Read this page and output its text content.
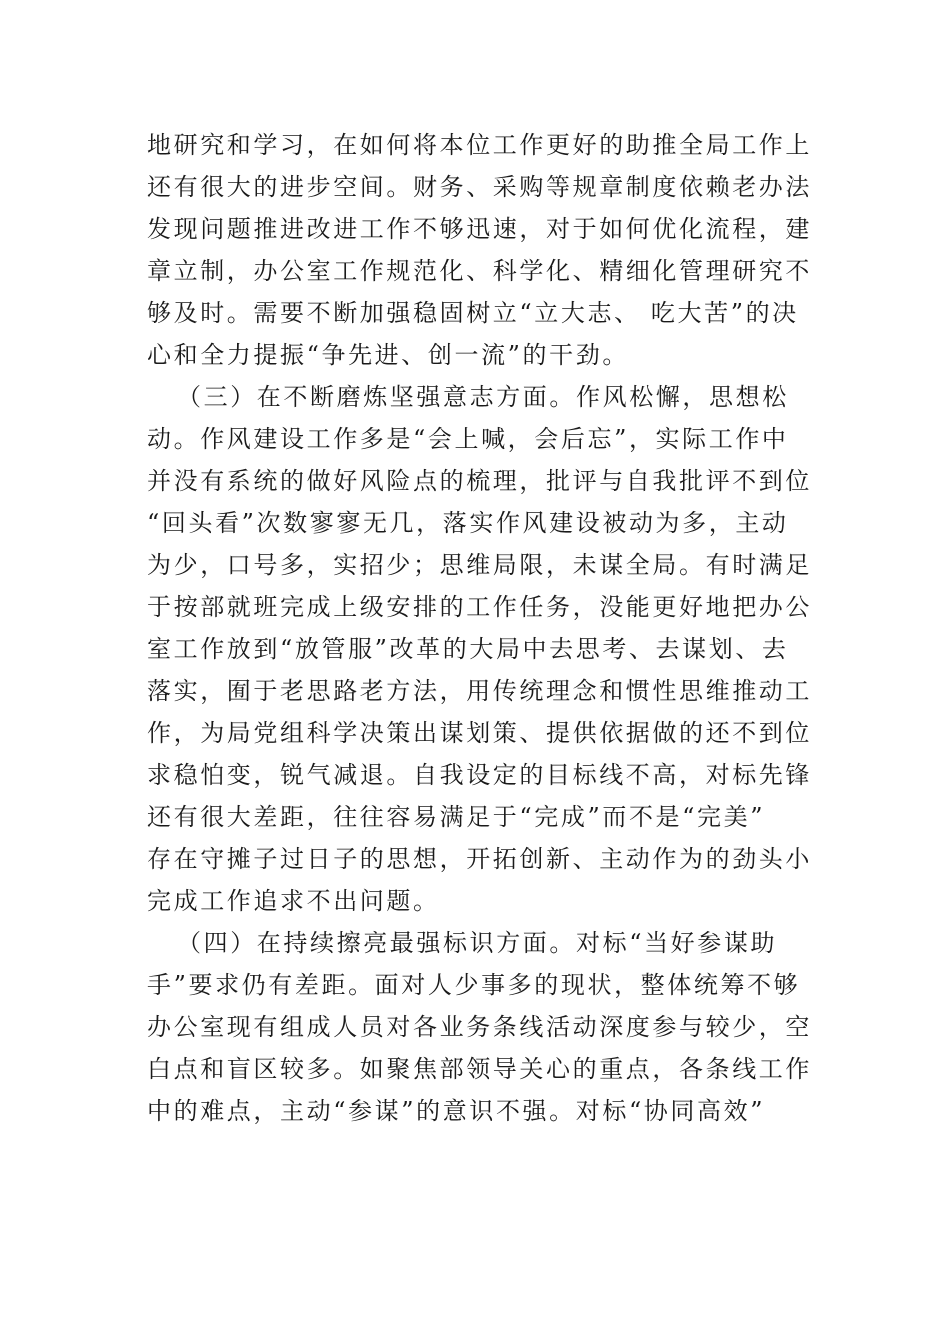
地研究和学习，在如何将本位工作更好的助推全局工作上
还有很大的进步空间。财务、采购等规章制度依赖老办法
发现问题推进改进工作不够迅速，对于如何优化流程，建
章立制，办公室工作规范化、科学化、精细化管理研究不
够及时。需要不断加强稳固树立“立大志、 吃大苦”的决
心和全力提振“争先进、创一流”的干劲。
（三）在不断磨炼坚强意志方面。作风松懈，思想松
动。作风建设工作多是“会上喊，会后忘”，实际工作中
并没有系统的做好风险点的梳理，批评与自我批评不到位
“回头看”次数寥寥无几，落实作风建设被动为多，主动
为少，口号多，实招少；思维局限，未谋全局。有时满足
于按部就班完成上级安排的工作任务，没能更好地把办公
室工作放到“放管服”改革的大局中去思考、去谋划、去
落实，囿于老思路老方法，用传统理念和惯性思维推动工
作，为局党组科学决策出谋划策、提供依据做的还不到位
求稳怕变，锐气减退。自我设定的目标线不高，对标先锋
还有很大差距，往往容易满足于“完成”而不是“完美”
存在守摊子过日子的思想，开拓创新、主动作为的劲头小
完成工作追求不出问题。
（四）在持续擦亮最强标识方面。对标“当好参谋助
手”要求仍有差距。面对人少事多的现状，整体统筹不够
办公室现有组成人员对各业务条线活动深度参与较少，空
白点和盲区较多。如聚焦部领导关心的重点，各条线工作
中的难点，主动“参谋”的意识不强。对标“协同高效”
